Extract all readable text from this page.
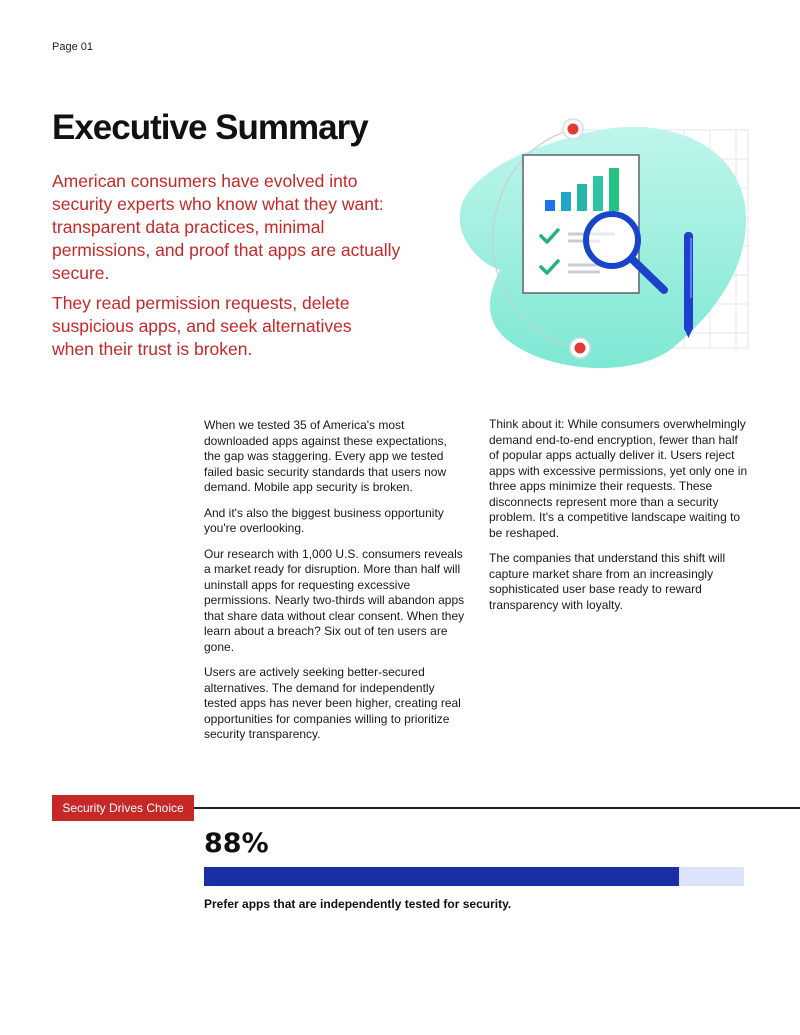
Page 01
Executive Summary

American consumers have evolved into security experts who know what they want: transparent data practices, minimal permissions, and proof that apps are actually secure.

They read permission requests, delete suspicious apps, and seek alternatives when their trust is broken.

When we tested 35 of America's most downloaded apps against these expectations, the gap was staggering. Every app we tested failed basic security standards that users now demand. Mobile app security is broken.

And it's also the biggest business opportunity you're overlooking.

Our research with 1,000 U.S. consumers reveals a market ready for disruption. More than half will uninstall apps for requesting excessive permissions. Nearly two-thirds will abandon apps that share data without clear consent. When they learn about a breach? Six out of ten users are gone.

Users are actively seeking better-secured alternatives. The demand for independently tested apps has never been higher, creating real opportunities for companies willing to prioritize security transparency.

Think about it: While consumers overwhelmingly demand end-to-end encryption, fewer than half of popular apps actually deliver it. Users reject apps with excessive permissions, yet only one in three apps minimize their requests. These disconnects represent more than a security problem. It's a competitive landscape waiting to be reshaped.

The companies that understand this shift will capture market share from an increasingly sophisticated user base ready to reward transparency with loyalty.

Security Drives Choice
88%
Prefer apps that are independently tested for security.
